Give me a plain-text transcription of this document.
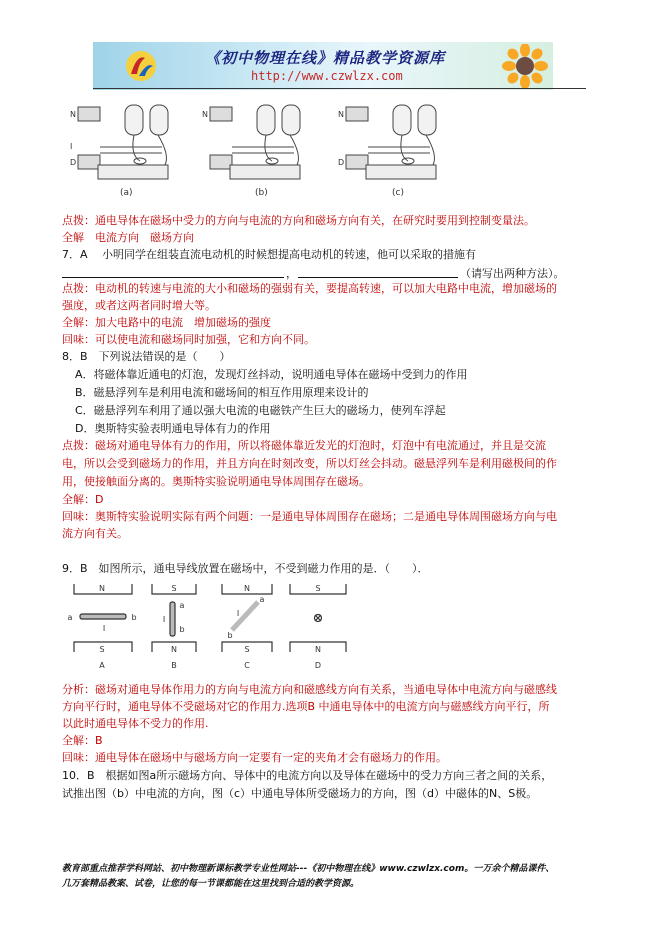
《初中物理在线》精品教学资源库
http://www.czwlzx.com
N
I
D
N	N
D
(a)	(b)	(c)
点拨：通电导体在磁场中受力的方向与电流的方向和磁场方向有关，在研究时要用到控制变量法。
全解　电流方向　磁场方向
7．A　 小明同学在组装直流电动机的时候想提高电动机的转速，他可以采取的措施有
，	（请写出两种方法）。
点拨：电动机的转速与电流的大小和磁场的强弱有关，要提高转速，可以加大电路中电流，增加磁场的
强度，或者这两者同时增大等。
全解：加大电路中的电流　增加磁场的强度
回味：可以使电流和磁场同时加强，它和方向不同。
8．B　下列说法错误的是（　　）
A．将磁体靠近通电的灯泡，发现灯丝抖动，说明通电导体在磁场中受到力的作用
B．磁悬浮列车是利用电流和磁场间的相互作用原理来设计的
C．磁悬浮列车利用了通以强大电流的电磁铁产生巨大的磁场力，使列车浮起
D．奥斯特实验表明通电导体有力的作用
点拨：磁场对通电导体有力的作用，所以将磁体靠近发光的灯泡时，灯泡中有电流通过，并且是交流
电，所以会受到磁场力的作用，并且方向在时刻改变，所以灯丝会抖动。磁悬浮列车是利用磁极间的作
用，使接触面分离的。奥斯特实验说明通电导体周围存在磁场。
全解：D
回味：奥斯特实验说明实际有两个问题：一是通电导体周围存在磁场；二是通电导体周围磁场方向与电
流方向有关。
9．B　如图所示，通电导线放置在磁场中，不受到磁力作用的是．（　　）．
N	S	N	S
S	N	S	N
a	b
I
a
b
I
a
b
I
A	B	C	D
分析：磁场对通电导体作用力的方向与电流方向和磁感线方向有关系，当通电导体中电流方向与磁感线
方向平行时，通电导体不受磁场对它的作用力.选项B 中通电导体中的电流方向与磁感线方向平行，所
以此时通电导体不受力的作用.
全解：B
回味：通电导体在磁场中与磁场方向一定要有一定的夹角才会有磁场力的作用。
10．B　根据如图a所示磁场方向、导体中的电流方向以及导体在磁场中的受力方向三者之间的关系，
试推出图（b）中电流的方向，图（c）中通电导体所受磁场力的方向，图（d）中磁体的N、S极。
教育部重点推荐学科网站、初中物理新课标教学专业性网站---《初中物理在线》www.czwlzx.com。一万余个精品课件、
几万套精品教案、试卷，让您的每一节课都能在这里找到合适的教学资源。
